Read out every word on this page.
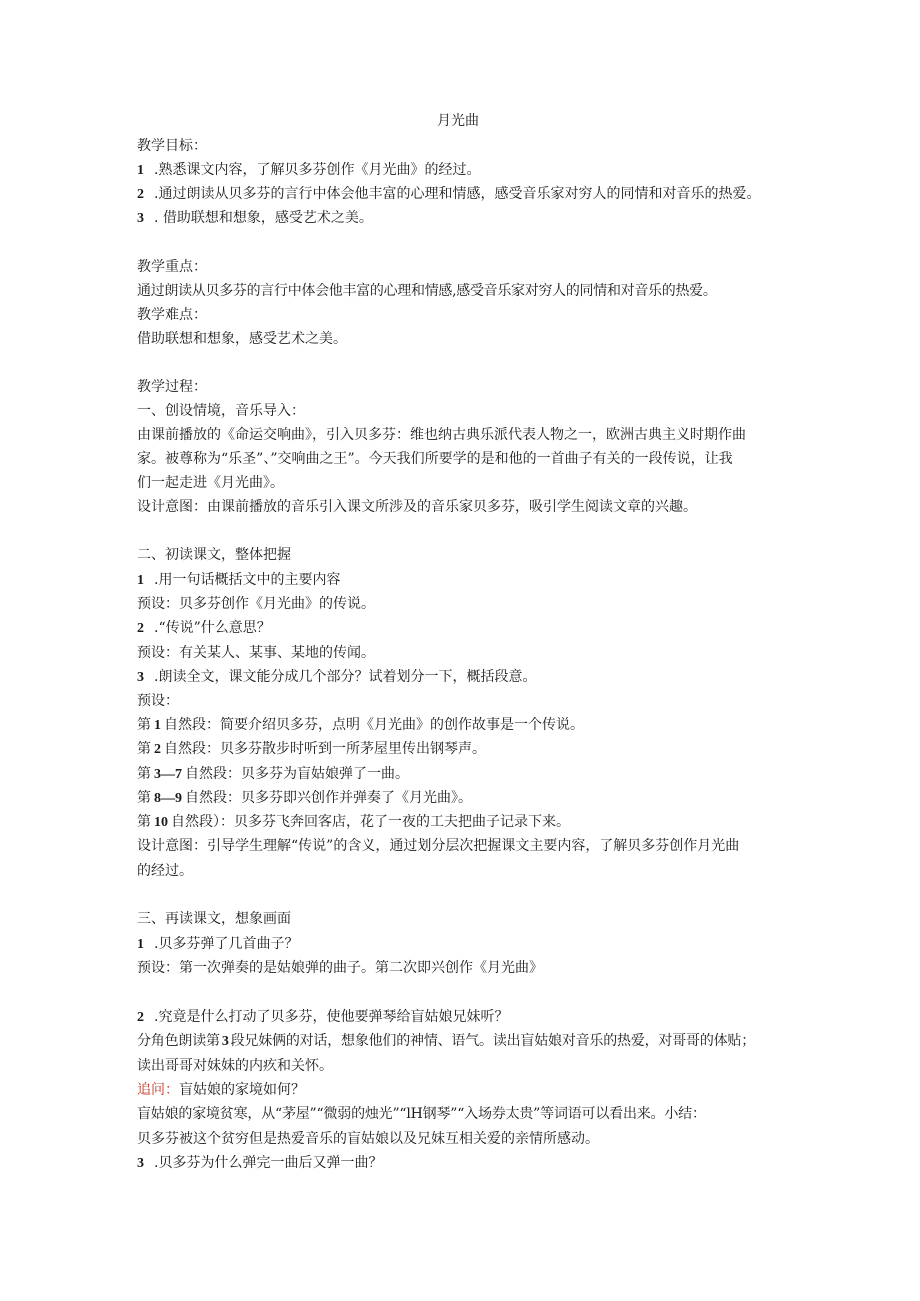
月光曲
教学目标：
1 .熟悉课文内容，了解贝多芬创作《月光曲》的经过。
2 .通过朗读从贝多芬的言行中体会他丰富的心理和情感，感受音乐家对穷人的同情和对音乐的热爱。
3 . 借助联想和想象，感受艺术之美。
教学重点：
通过朗读从贝多芬的言行中体会他丰富的心理和情感,感受音乐家对穷人的同情和对音乐的热爱。
教学难点：
借助联想和想象，感受艺术之美。
教学过程：
一、创设情境，音乐导入：
由课前播放的《命运交响曲》，引入贝多芬：维也纳古典乐派代表人物之一，欧洲古典主义时期作曲
家。被尊称为“乐圣”、”交响曲之王”。今天我们所要学的是和他的一首曲子有关的一段传说，让我
们一起走进《月光曲》。
设计意图：由课前播放的音乐引入课文所涉及的音乐家贝多芬，吸引学生阅读文章的兴趣。
二、初读课文，整体把握
1 .用一句话概括文中的主要内容
预设：贝多芬创作《月光曲》的传说。
2 .“传说”什么意思？
预设：有关某人、某事、某地的传闻。
3 .朗读全文，课文能分成几个部分？试着划分一下，概括段意。
预设：
第 1 自然段：简要介绍贝多芬，点明《月光曲》的创作故事是一个传说。
第 2 自然段：贝多芬散步时听到一所茅屋里传出钢琴声。
第 3—7 自然段：贝多芬为盲姑娘弹了一曲。
第 8—9 自然段：贝多芬即兴创作并弹奏了《月光曲》。
第 10 自然段）：贝多芬飞奔回客店，花了一夜的工夫把曲子记录下来。
设计意图：引导学生理解“传说”的含义，通过划分层次把握课文主要内容，了解贝多芬创作月光曲
的经过。
三、再读课文，想象画面
1 .贝多芬弹了几首曲子？
预设：第一次弹奏的是姑娘弹的曲子。第二次即兴创作《月光曲》
2 .究竟是什么打动了贝多芬，使他要弹琴给盲姑娘兄妹听？
分角色朗读第 3 段兄妹俩的对话，想象他们的神情、语气。读出盲姑娘对音乐的热爱，对哥哥的体贴；
读出哥哥对妹妹的内疚和关怀。
追问：盲姑娘的家境如何？
盲姑娘的家境贫寒，从“茅屋”“微弱的烛光”“lH钢琴”“入场券太贵”等词语可以看出来。小结：
贝多芬被这个贫穷但是热爱音乐的盲姑娘以及兄妹互相关爱的亲情所感动。
3 .贝多芬为什么弹完一曲后又弹一曲？
